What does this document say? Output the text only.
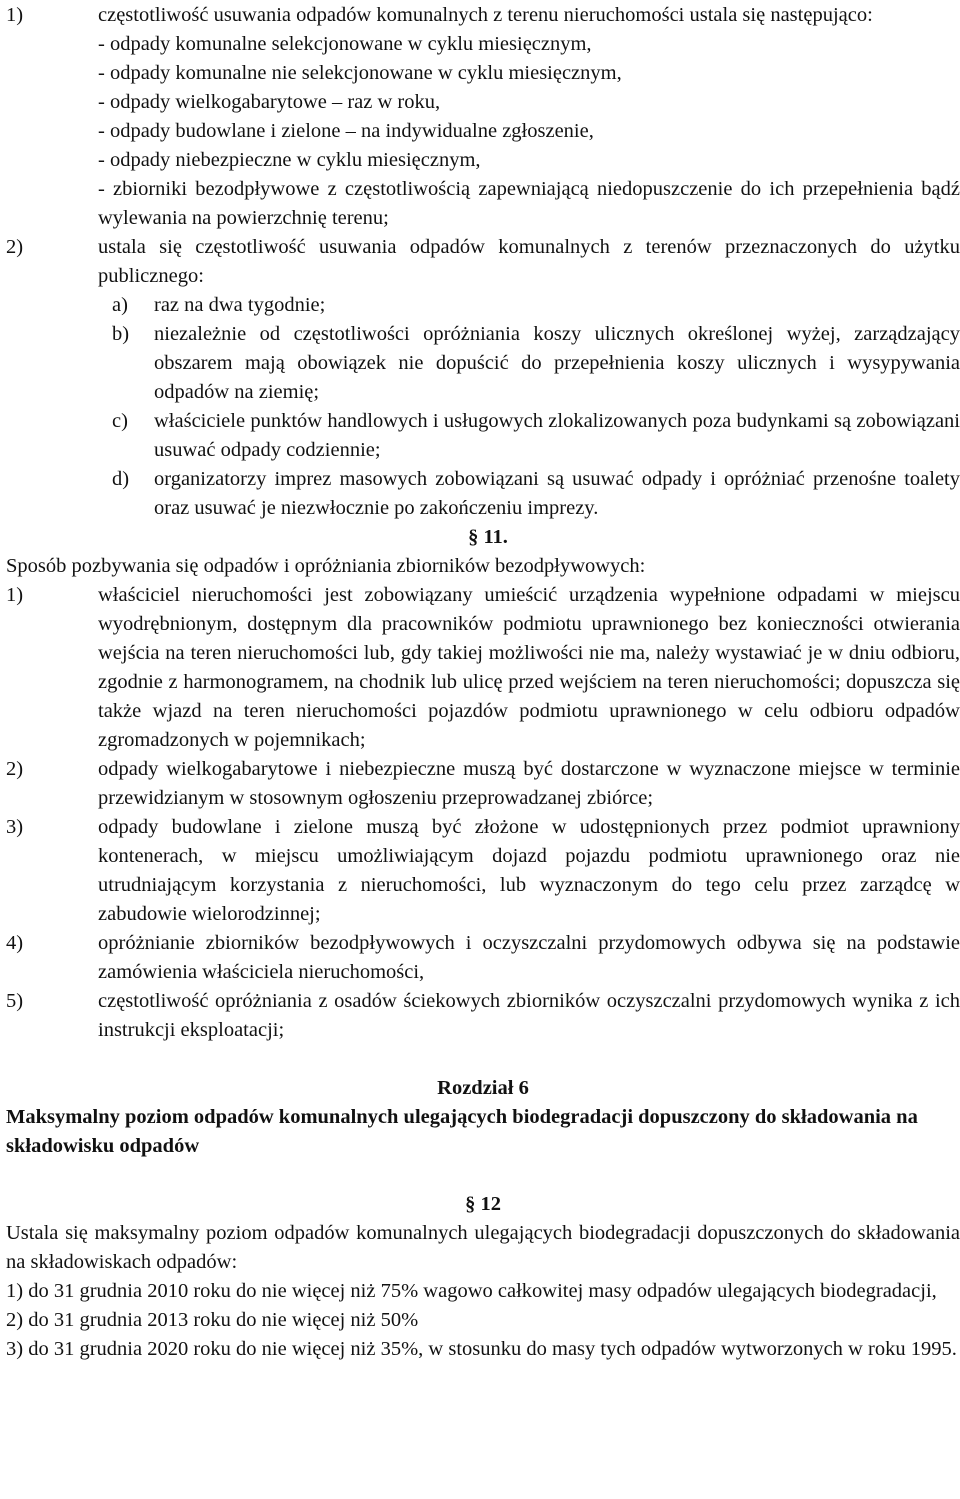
1)	częstotliwość usuwania odpadów komunalnych z terenu nieruchomości ustala się następująco:
- odpady komunalne selekcjonowane w cyklu miesięcznym,
- odpady komunalne nie selekcjonowane w cyklu miesięcznym,
- odpady wielkogabarytowe – raz w roku,
- odpady budowlane i zielone – na indywidualne zgłoszenie,
- odpady niebezpieczne w cyklu miesięcznym,
- zbiorniki bezodpływowe z częstotliwością zapewniającą niedopuszczenie do ich przepełnienia bądź wylewania na powierzchnię terenu;
2)	ustala się częstotliwość usuwania odpadów komunalnych z terenów przeznaczonych do użytku publicznego:
a) raz na dwa tygodnie;
b) niezależnie od częstotliwości opróżniania koszy ulicznych określonej wyżej, zarządzający obszarem mają obowiązek nie dopuścić do przepełnienia koszy ulicznych i wysypywania odpadów na ziemię;
c) właściciele punktów handlowych i usługowych zlokalizowanych poza budynkami są zobowiązani usuwać odpady codziennie;
d) organizatorzy imprez masowych zobowiązani są usuwać odpady i opróżniać przenośne toalety oraz usuwać je niezwłocznie po zakończeniu imprezy.
§ 11.
Sposób pozbywania się odpadów i opróżniania zbiorników bezodpływowych:
1)	właściciel nieruchomości jest zobowiązany umieścić urządzenia wypełnione odpadami w miejscu wyodrębnionym, dostępnym dla pracowników podmiotu uprawnionego bez konieczności otwierania wejścia na teren nieruchomości lub, gdy takiej możliwości nie ma, należy wystawiać je w dniu odbioru, zgodnie z harmonogramem, na chodnik lub ulicę przed wejściem na teren nieruchomości; dopuszcza się także wjazd na teren nieruchomości pojazdów podmiotu uprawnionego w celu odbioru odpadów zgromadzonych w pojemnikach;
2)	odpady wielkogabarytowe i niebezpieczne muszą być dostarczone w wyznaczone miejsce w terminie przewidzianym w stosownym ogłoszeniu przeprowadzanej zbiórce;
3)	odpady budowlane i zielone muszą być złożone w udostępnionych przez podmiot uprawniony kontenerach, w miejscu umożliwiającym dojazd pojazdu podmiotu uprawnionego oraz nie utrudniającym korzystania z nieruchomości, lub wyznaczonym do tego celu przez zarządcę w zabudowie wielorodzinnej;
4)	opróżnianie zbiorników bezodpływowych i oczyszczalni przydomowych odbywa się na podstawie zamówienia właściciela nieruchomości,
5)	częstotliwość opróżniania z osadów ściekowych zbiorników oczyszczalni przydomowych wynika z ich instrukcji eksploatacji;
Rozdział 6
Maksymalny poziom odpadów komunalnych ulegających biodegradacji dopuszczony do składowania na składowisku odpadów
§ 12
Ustala się maksymalny poziom odpadów komunalnych ulegających biodegradacji dopuszczonych do składowania na składowiskach odpadów:
1) do 31 grudnia 2010 roku do nie więcej niż 75% wagowo całkowitej masy odpadów ulegających biodegradacji,
2) do 31 grudnia 2013 roku do nie więcej niż 50%
3) do 31 grudnia 2020 roku do nie więcej niż 35%, w stosunku do masy tych odpadów wytworzonych w roku 1995.
